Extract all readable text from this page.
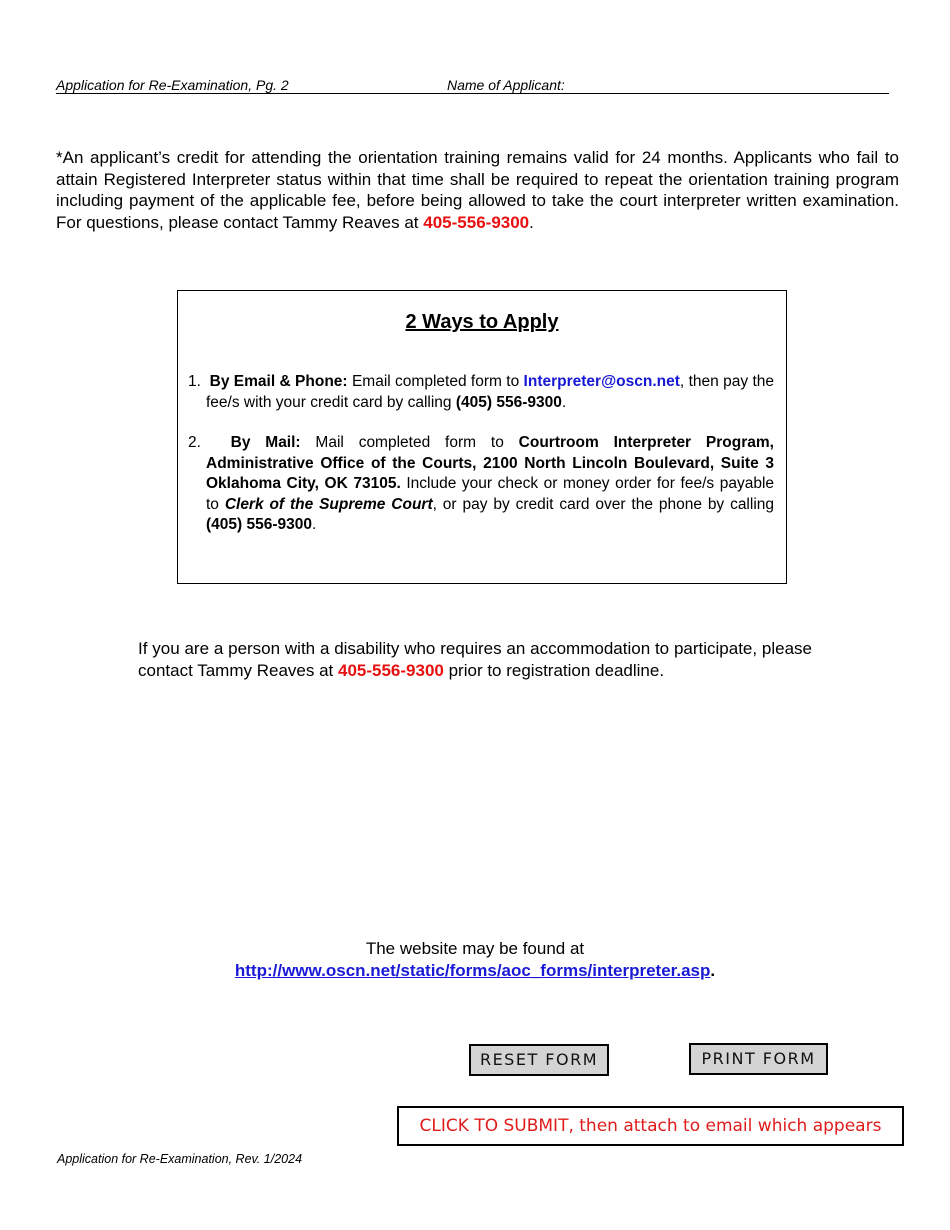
Application for Re-Examination, Pg. 2	Name of Applicant:
*An applicant’s credit for attending the orientation training remains valid for 24 months. Applicants who fail to attain Registered Interpreter status within that time shall be required to repeat the orientation training program including payment of the applicable fee, before being allowed to take the court interpreter written examination. For questions, please contact Tammy Reaves at 405-556-9300.
2 Ways to Apply
1. By Email & Phone: Email completed form to Interpreter@oscn.net, then pay the fee/s with your credit card by calling (405) 556-9300.
2. By Mail: Mail completed form to Courtroom Interpreter Program, Administrative Office of the Courts, 2100 North Lincoln Boulevard, Suite 3 Oklahoma City, OK 73105. Include your check or money order for fee/s payable to Clerk of the Supreme Court, or pay by credit card over the phone by calling (405) 556-9300.
If you are a person with a disability who requires an accommodation to participate, please contact Tammy Reaves at 405-556-9300 prior to registration deadline.
The website may be found at
http://www.oscn.net/static/forms/aoc_forms/interpreter.asp.
RESET FORM	PRINT FORM
CLICK TO SUBMIT, then attach to email which appears
Application for Re-Examination, Rev. 1/2024
